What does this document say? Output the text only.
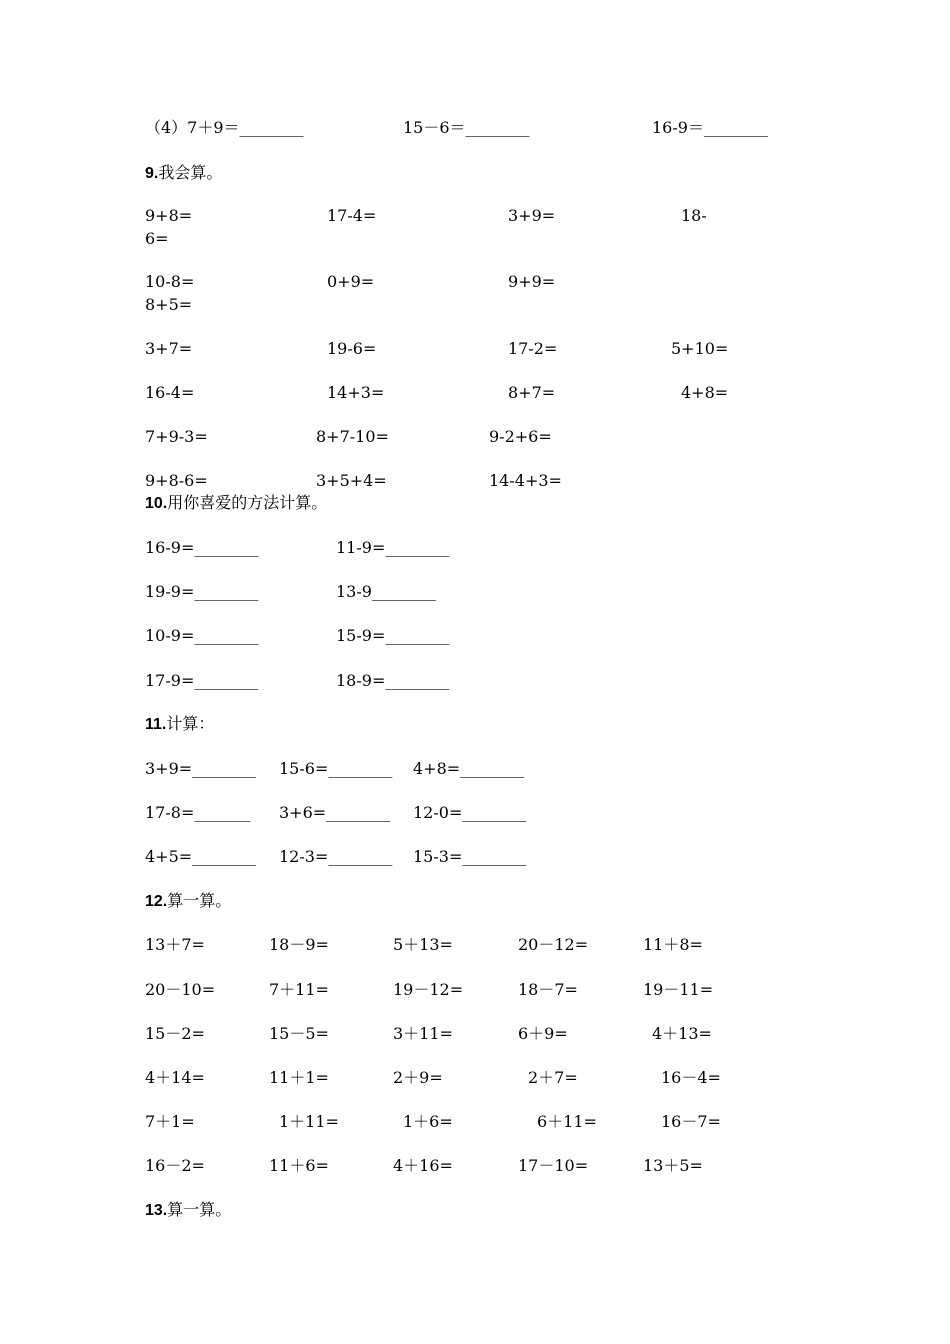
（4）7＋9＝________	15－6＝________	16-9＝________
9.我会算。
9+8=	17-4=	3+9=	18-
6=
10-8=	0+9=	9+9=
8+5=
3+7=	19-6=	17-2=	5+10=
16-4=	14+3=	8+7=	4+8=
7+9-3=	8+7-10=	9-2+6=
9+8-6=	3+5+4=	14-4+3=
10.用你喜爱的方法计算。
16-9=________	11-9=________
19-9=________	13-9________
10-9=________	15-9=________
17-9=________	18-9=________
11.计算：
3+9=________ 15-6=________ 4+8=________
17-8=_______ 3+6=________ 12-0=________
4+5=________ 12-3=________ 15-3=________
12.算一算。
13＋7=	18－9=	5＋13=	20－12=	11＋8=
20－10=	7＋11=	19－12=	18－7=	19－11=
15－2=	15－5=	3＋11=	6＋9=	4＋13=
4＋14=	11＋1=	2＋9=	2＋7=	16－4=
7＋1=	1＋11=	1＋6=	6＋11=	16－7=
16－2=	11＋6=	4＋16=	17－10=	13＋5=
13.算一算。
